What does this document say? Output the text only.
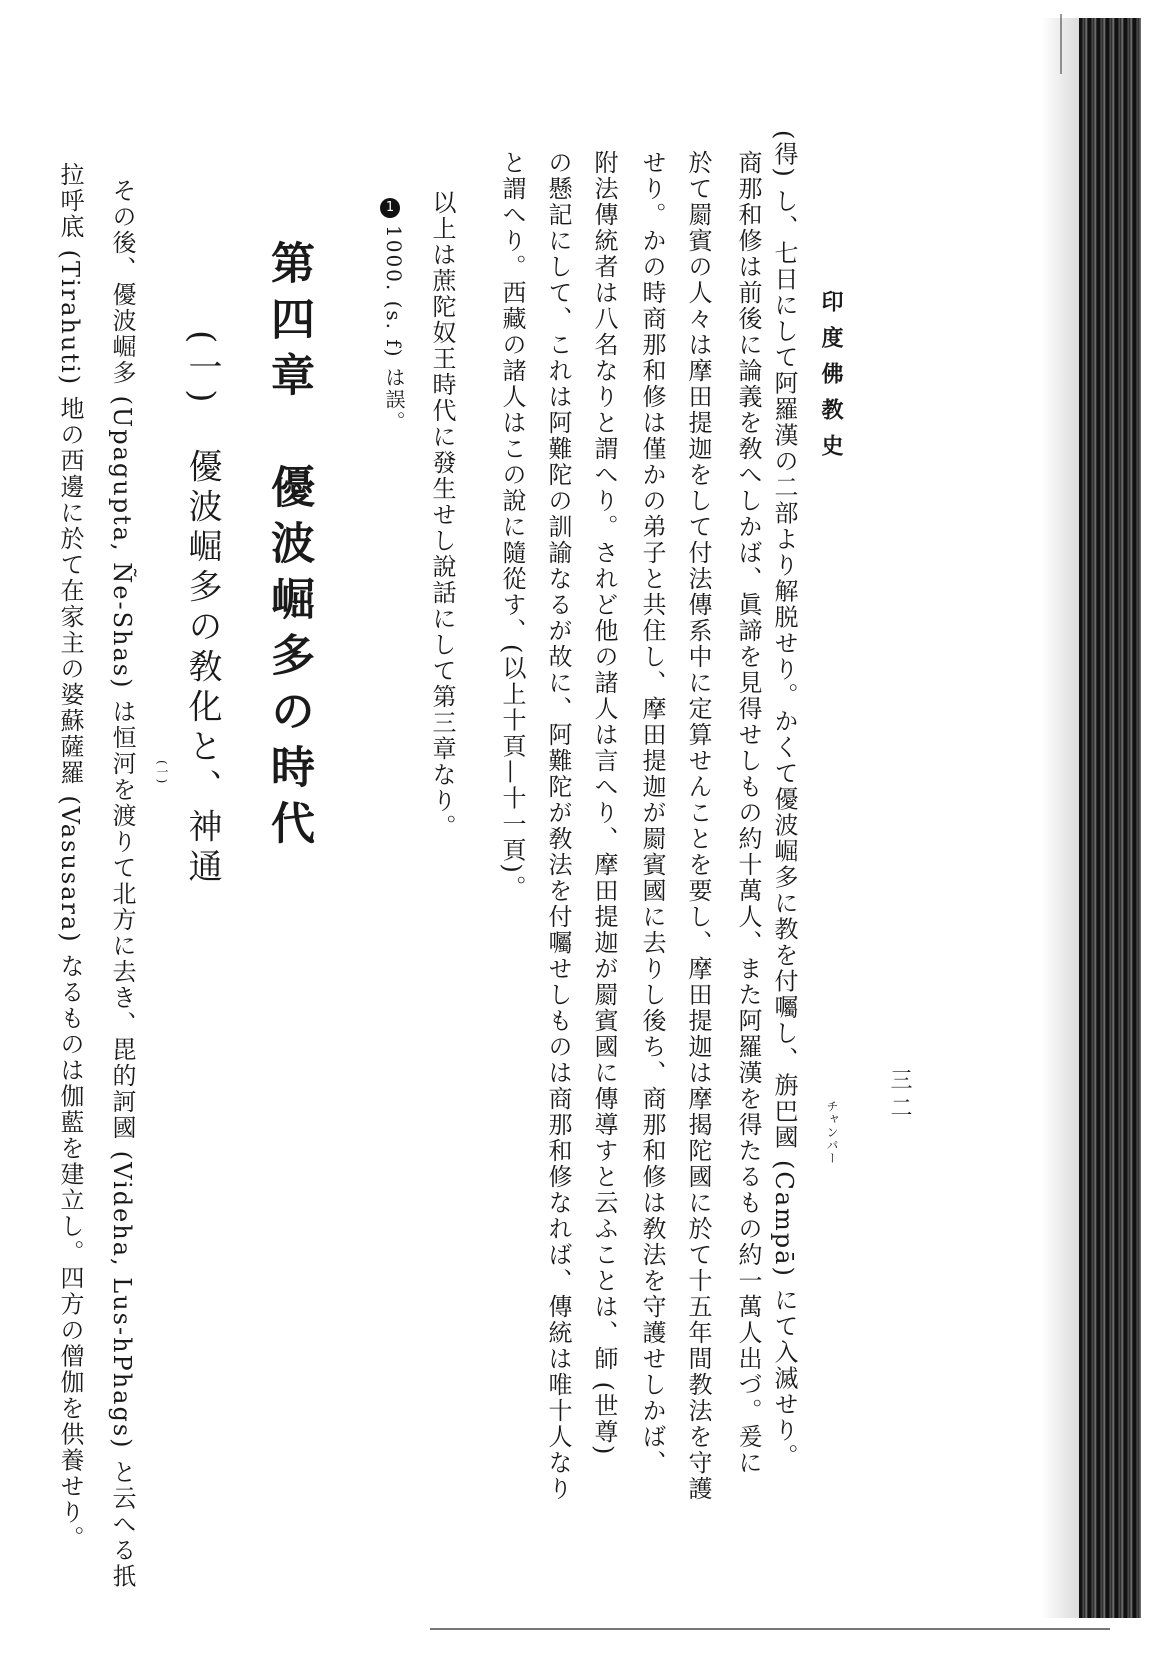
印度佛教史
三二
チャンパー
(得) し、七日にして阿羅漢の二部より解脱せり。かくて優波崛多に教を付囑し、旃巴國 (Campā) にて入滅せり。
商那和修は前後に論義を敎へしかば、眞諦を見得せしもの約十萬人、また阿羅漢を得たるもの約一萬人出づ。爰に
於て罽賓の人々は摩田提迦をして付法傳系中に定算せんことを要し、摩田提迦は摩揭陀國に於て十五年間教法を守護
せり。かの時商那和修は僅かの弟子と共住し、摩田提迦が罽賓國に去りし後ち、商那和修は敎法を守護せしかば、
附法傳統者は八名なりと謂へり。されど他の諸人は言へり、摩田提迦が罽賓國に傳導すと云ふことは、師 (世尊)
の懸記にして、これは阿難陀の訓諭なるが故に、阿難陀が敎法を付囑せしものは商那和修なれば、傳統は唯十人なり
と謂へり。西藏の諸人はこの說に隨從す、(以上十頁—十一頁)。
以上は蔗陀奴王時代に發生せし說話にして第三章なり。
1
1000. (s. f) は誤。
第四章　優波崛多の時代
(一)　優波崛多の敎化と、神通
(一)
その後、優波崛多 (Upagupta, Ñe-Shas) は恒河を渡りて北方に去き、毘的訶國 (Videha, Lus-hPhags) と云へる扺
拉呼底 (Tirahuti) 地の西邊に於て在家主の婆蘇薩羅 (Vasusara) なるものは伽藍を建立し。四方の僧伽を供養せり。
